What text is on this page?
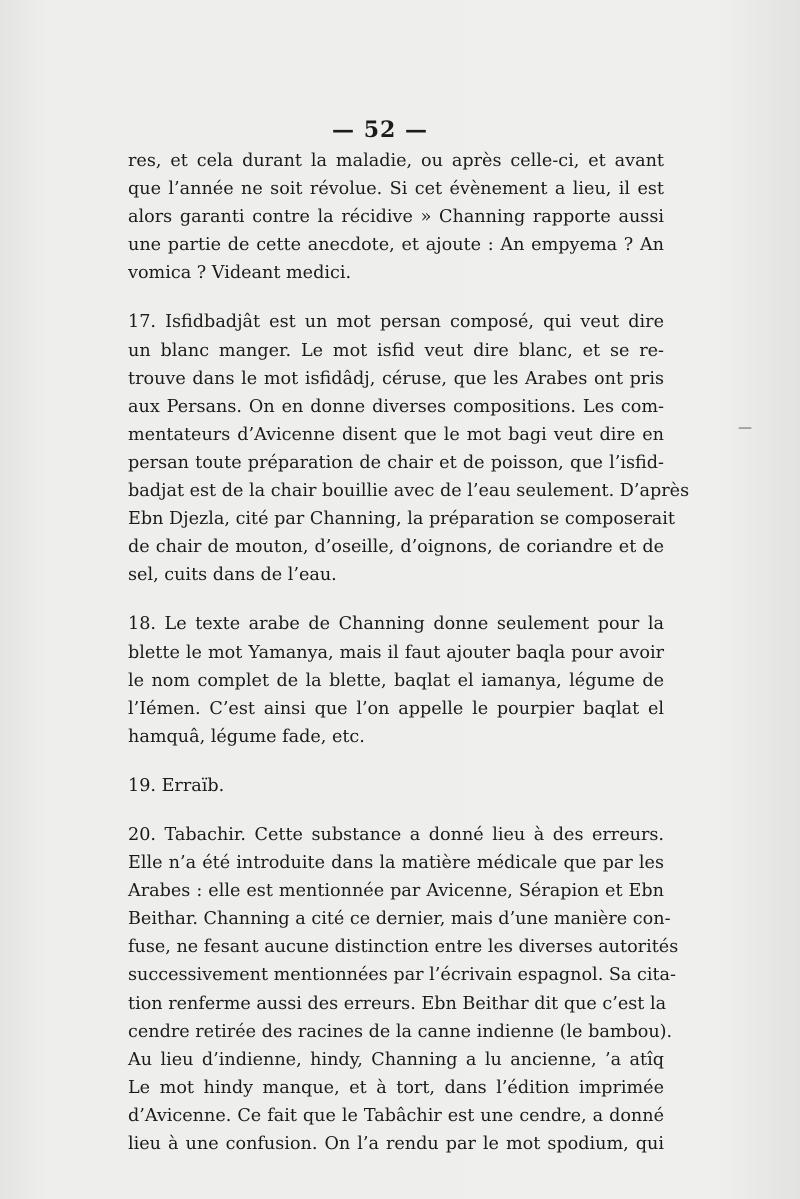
— 52 —
res, et cela durant la maladie, ou après celle-ci, et avant
que l’année ne soit révolue. Si cet évènement a lieu, il est
alors garanti contre la récidive » Channing rapporte aussi
une partie de cette anecdote, et ajoute : An empyema ? An
vomica ? Videant medici.
17. Isfidbadjât est un mot persan composé, qui veut dire
un blanc manger. Le mot isfid veut dire blanc, et se re-
trouve dans le mot isfidâdj, céruse, que les Arabes ont pris
aux Persans. On en donne diverses compositions. Les com-
mentateurs d’Avicenne disent que le mot bagi veut dire en
persan toute préparation de chair et de poisson, que l’isfid-
badjat est de la chair bouillie avec de l’eau seulement. D’après
Ebn Djezla, cité par Channing, la préparation se composerait
de chair de mouton, d’oseille, d’oignons, de coriandre et de
sel, cuits dans de l’eau.
18. Le texte arabe de Channing donne seulement pour la
blette le mot Yamanya, mais il faut ajouter baqla pour avoir
le nom complet de la blette, baqlat el iamanya, légume de
l’Iémen. C’est ainsi que l’on appelle le pourpier baqlat el
hamquâ, légume fade, etc.
19. Erraïb.
20. Tabachir. Cette substance a donné lieu à des erreurs.
Elle n’a été introduite dans la matière médicale que par les
Arabes : elle est mentionnée par Avicenne, Sérapion et Ebn
Beithar. Channing a cité ce dernier, mais d’une manière con-
fuse, ne fesant aucune distinction entre les diverses autorités
successivement mentionnées par l’écrivain espagnol. Sa cita-
tion renferme aussi des erreurs. Ebn Beithar dit que c’est la
cendre retirée des racines de la canne indienne (le bambou).
Au lieu d’indienne, hindy, Channing a lu ancienne, ’a atîq
Le mot hindy manque, et à tort, dans l’édition imprimée
d’Avicenne. Ce fait que le Tabâchir est une cendre, a donné
lieu à une confusion. On l’a rendu par le mot spodium, qui
—
